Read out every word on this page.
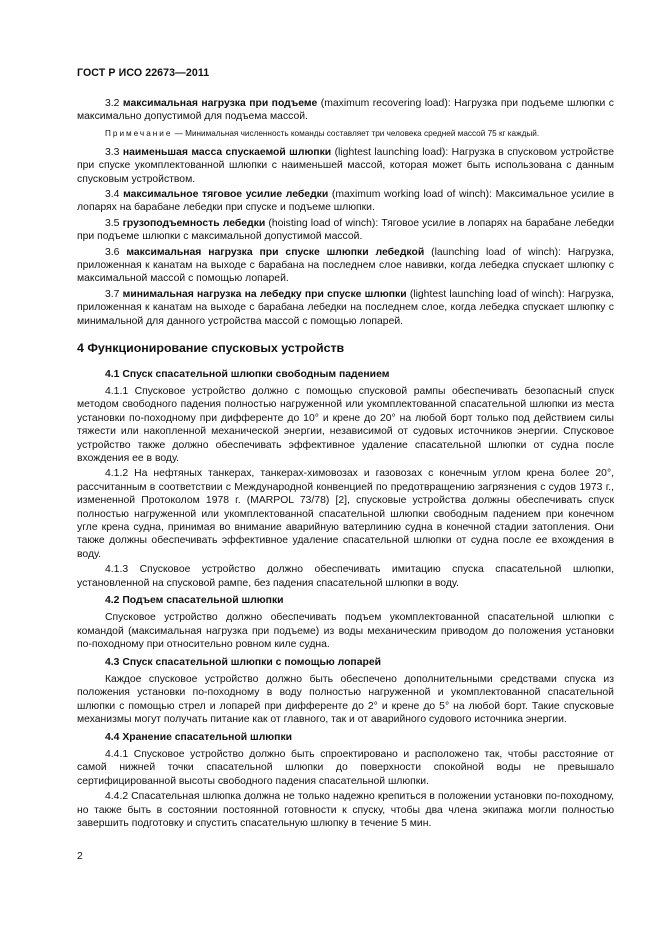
ГОСТ Р ИСО 22673—2011

3.2 максимальная нагрузка при подъеме (maximum recovering load): Нагрузка при подъеме шлюпки с максимально допустимой для подъема массой.

Примечание — Минимальная численность команды составляет три человека средней массой 75 кг каждый.

3.3 наименьшая масса спускаемой шлюпки (lightest launching load): Нагрузка в спусковом устройстве при спуске укомплектованной шлюпки с наименьшей массой, которая может быть использована с данным спусковым устройством.

3.4 максимальное тяговое усилие лебедки (maximum working load of winch): Максимальное усилие в лопарях на барабане лебедки при спуске и подъеме шлюпки.

3.5 грузоподъемность лебедки (hoisting load of winch): Тяговое усилие в лопарях на барабане лебедки при подъеме шлюпки с максимальной допустимой массой.

3.6 максимальная нагрузка при спуске шлюпки лебедкой (launching load of winch): Нагрузка, приложенная к канатам на выходе с барабана на последнем слое навивки, когда лебедка спускает шлюпку с максимальной массой с помощью лопарей.

3.7 минимальная нагрузка на лебедку при спуске шлюпки (lightest launching load of winch): Нагрузка, приложенная к канатам на выходе с барабана лебедки на последнем слое, когда лебедка спускает шлюпку с минимальной для данного устройства массой с помощью лопарей.

4 Функционирование спусковых устройств
4.1 Спуск спасательной шлюпки свободным падением

4.1.1 Спусковое устройство должно с помощью спусковой рампы обеспечивать безопасный спуск методом свободного падения полностью нагруженной или укомплектованной спасательной шлюпки из места установки по-походному при дифференте до 10° и крене до 20° на любой борт только под действием силы тяжести или накопленной механической энергии, независимой от судовых источников энергии. Спусковое устройство также должно обеспечивать эффективное удаление спасательной шлюпки от судна после вхождения ее в воду.

4.1.2 На нефтяных танкерах, танкерах-химовозах и газовозах с конечным углом крена более 20°, рассчитанным в соответствии с Международной конвенцией по предотвращению загрязнения с судов 1973 г., измененной Протоколом 1978 г. (MARPOL 73/78) [2], спусковые устройства должны обеспечивать спуск полностью нагруженной или укомплектованной спасательной шлюпки свободным падением при конечном угле крена судна, принимая во внимание аварийную ватерлинию судна в конечной стадии затопления. Они также должны обеспечивать эффективное удаление спасательной шлюпки от судна после ее вхождения в воду.

4.1.3 Спусковое устройство должно обеспечивать имитацию спуска спасательной шлюпки, установленной на спусковой рампе, без падения спасательной шлюпки в воду.

4.2 Подъем спасательной шлюпки

Спусковое устройство должно обеспечивать подъем укомплектованной спасательной шлюпки с командой (максимальная нагрузка при подъеме) из воды механическим приводом до положения установки по-походному при относительно ровном киле судна.

4.3 Спуск спасательной шлюпки с помощью лопарей

Каждое спусковое устройство должно быть обеспечено дополнительными средствами спуска из положения установки по-походному в воду полностью нагруженной и укомплектованной спасательной шлюпки с помощью стрел и лопарей при дифференте до 2° и крене до 5° на любой борт. Такие спусковые механизмы могут получать питание как от главного, так и от аварийного судового источника энергии.

4.4 Хранение спасательной шлюпки

4.4.1 Спусковое устройство должно быть спроектировано и расположено так, чтобы расстояние от самой нижней точки спасательной шлюпки до поверхности спокойной воды не превышало сертифицированной высоты свободного падения спасательной шлюпки.

4.4.2 Спасательная шлюпка должна не только надежно крепиться в положении установки по-походному, но также быть в состоянии постоянной готовности к спуску, чтобы два члена экипажа могли полностью завершить подготовку и спустить спасательную шлюпку в течение 5 мин.

2
